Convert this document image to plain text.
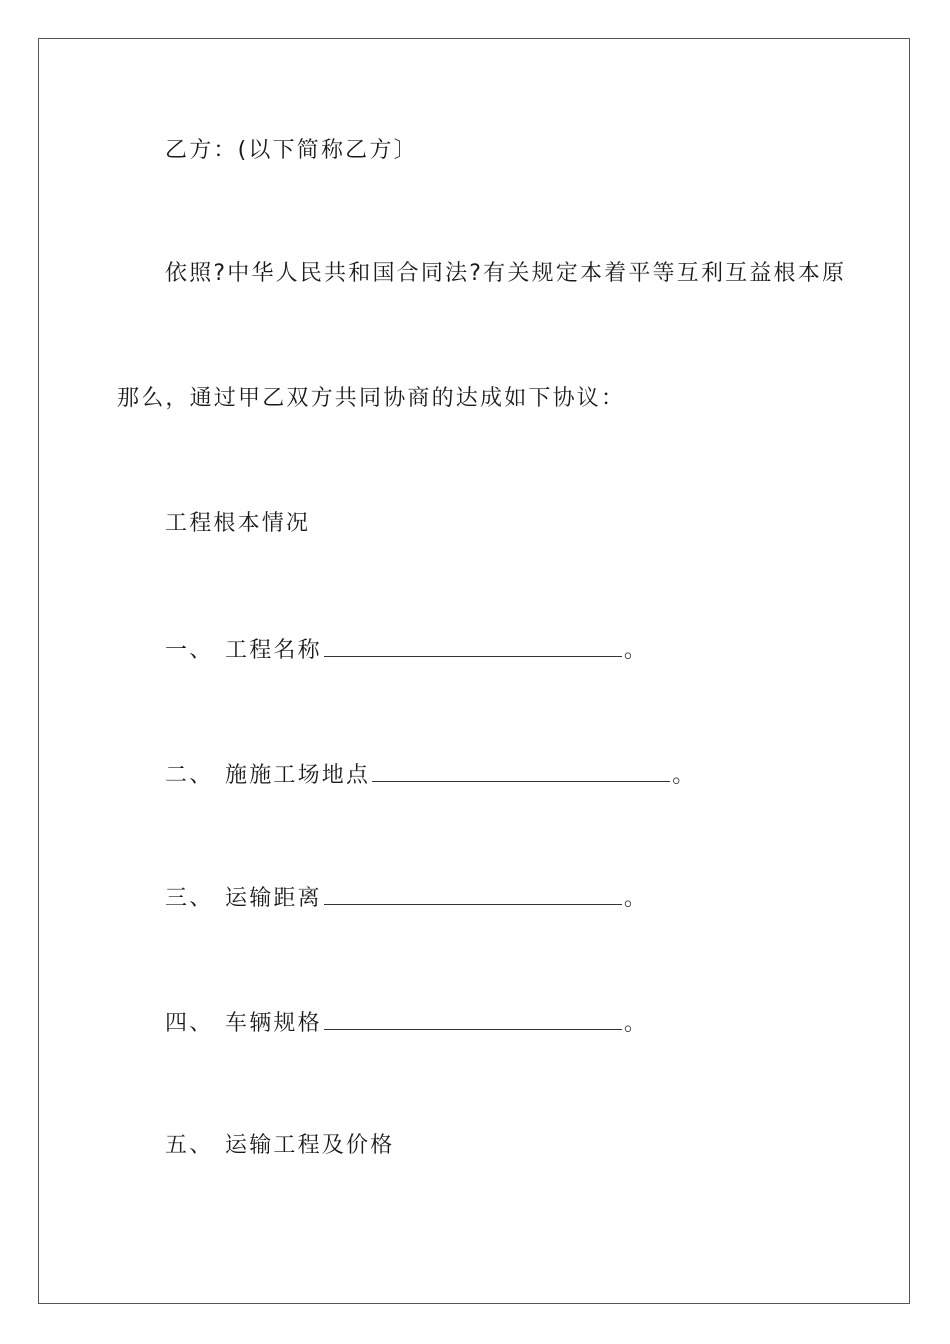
乙方：(以下简称乙方〕
依照?中华人民共和国合同法?有关规定本着平等互利互益根本原
那么，通过甲乙双方共同协商的达成如下协议：
工程根本情况
一、 工程名称	。
二、 施施工场地点	。
三、 运输距离	。
四、 车辆规格	。
五、 运输工程及价格
